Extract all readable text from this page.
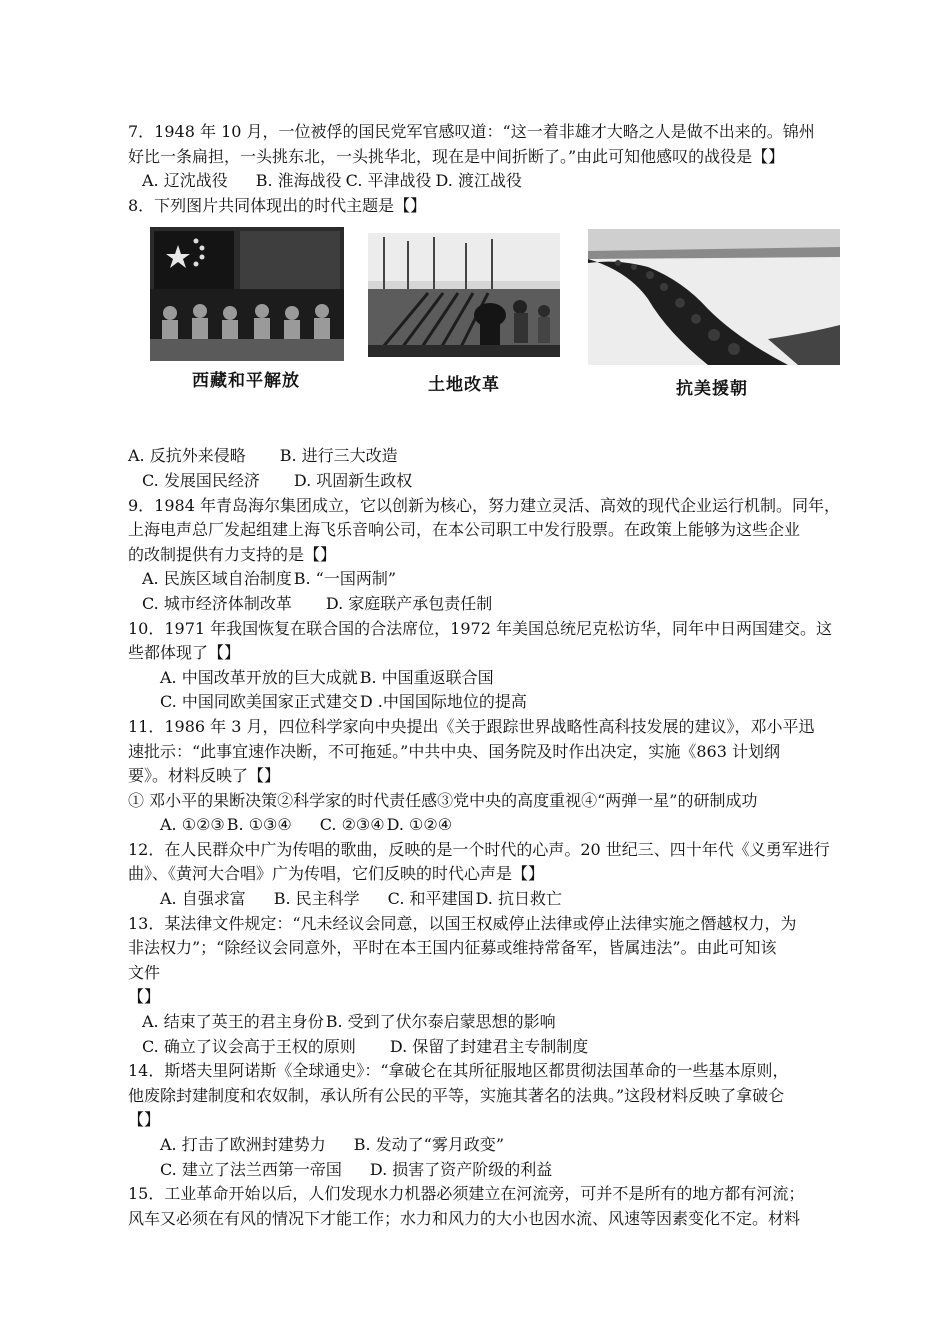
7．1948 年 10 月，一位被俘的国民党军官感叹道：“这一着非雄才大略之人是做不出来的。锦州
好比一条扁担，一头挑东北，一头挑华北，现在是中间折断了。”由此可知他感叹的战役是【】
A. 辽沈战役 B. 淮海战役 C. 平津战役 D. 渡江战役
8．下列图片共同体现出的时代主题是【】
西藏和平解放	土地改革	抗美援朝
A. 反抗外来侵略 B. 进行三大改造
C. 发展国民经济 D. 巩固新生政权
9．1984 年青岛海尔集团成立，它以创新为核心，努力建立灵活、高效的现代企业运行机制。同年，
上海电声总厂发起组建上海飞乐音响公司，在本公司职工中发行股票。在政策上能够为这些企业
的改制提供有力支持的是【】
A. 民族区域自治制度 B. “一国两制”
C. 城市经济体制改革 D. 家庭联产承包责任制
10．1971 年我国恢复在联合国的合法席位，1972 年美国总统尼克松访华，同年中日两国建交。这
些都体现了【】
A. 中国改革开放的巨大成就 B. 中国重返联合国
C. 中国同欧美国家正式建交 D .中国国际地位的提高
11．1986 年 3 月，四位科学家向中央提出《关于跟踪世界战略性高科技发展的建议》，邓小平迅
速批示：“此事宜速作决断，不可拖延。”中共中央、国务院及时作出决定，实施《863 计划纲
要》。材料反映了【】
① 邓小平的果断决策②科学家的时代责任感③党中央的高度重视④“两弹一星”的研制成功
A. ①②③ B. ①③④ C. ②③④ D. ①②④
12．在人民群众中广为传唱的歌曲，反映的是一个时代的心声。20 世纪三、四十年代《义勇军进行
曲》、《黄河大合唱》广为传唱，它们反映的时代心声是【】
A. 自强求富 B. 民主科学 C. 和平建国 D. 抗日救亡
13．某法律文件规定：“凡未经议会同意，以国王权威停止法律或停止法律实施之僭越权力，为
非法权力”；“除经议会同意外，平时在本王国内征募或维持常备军，皆属违法”。由此可知该
文件
【】
A. 结束了英王的君主身份 B. 受到了伏尔泰启蒙思想的影响
C. 确立了议会高于王权的原则 D. 保留了封建君主专制制度
14．斯塔夫里阿诺斯《全球通史》：“拿破仑在其所征服地区都贯彻法国革命的一些基本原则，
他废除封建制度和农奴制，承认所有公民的平等，实施其著名的法典。”这段材料反映了拿破仑
【】
A. 打击了欧洲封建势力 B. 发动了“雾月政变”
C. 建立了法兰西第一帝国 D. 损害了资产阶级的利益
15．工业革命开始以后，人们发现水力机器必须建立在河流旁，可并不是所有的地方都有河流；
风车又必须在有风的情况下才能工作；水力和风力的大小也因水流、风速等因素变化不定。材料
